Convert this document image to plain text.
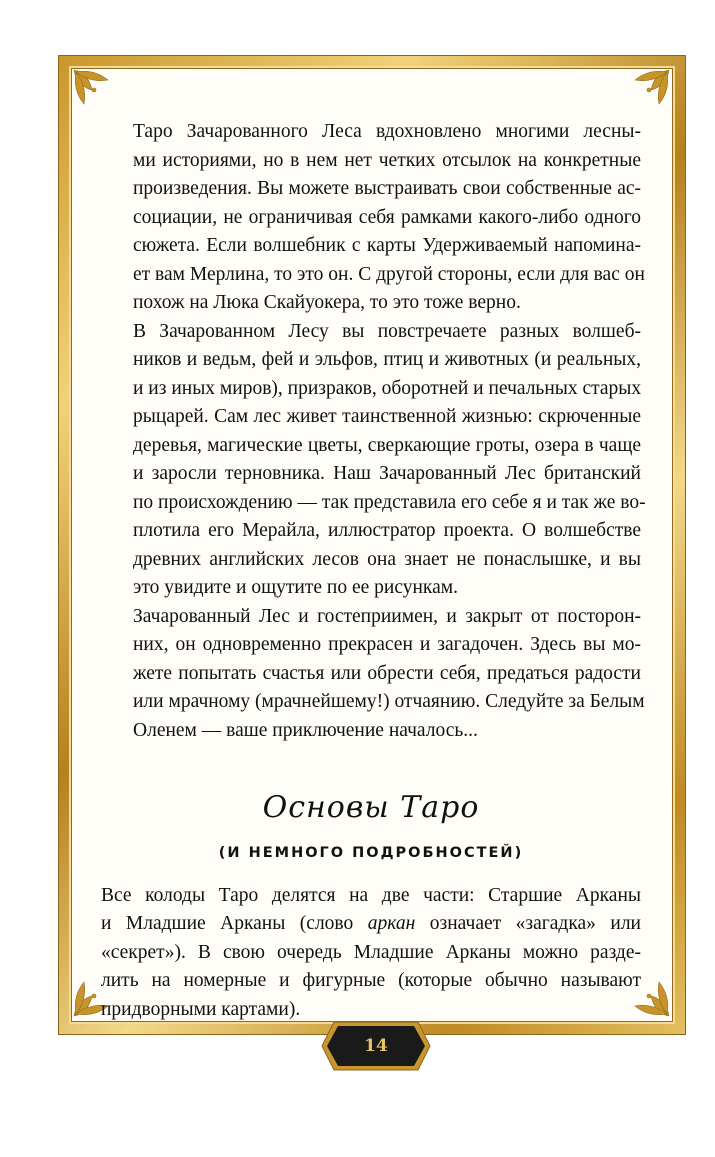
Таро Зачарованного Леса вдохновлено многими лесны-
ми историями, но в нем нет четких отсылок на конкретные
произведения. Вы можете выстраивать свои собственные ас-
социации, не ограничивая себя рамками какого-либо одного
сюжета. Если волшебник с карты Удерживаемый напомина-
ет вам Мерлина, то это он. С другой стороны, если для вас он
похож на Люка Скайуокера, то это тоже верно.

В Зачарованном Лесу вы повстречаете разных волшеб-
ников и ведьм, фей и эльфов, птиц и животных (и реальных,
и из иных миров), призраков, оборотней и печальных старых
рыцарей. Сам лес живет таинственной жизнью: скрюченные
деревья, магические цветы, сверкающие гроты, озера в чаще
и заросли терновника. Наш Зачарованный Лес британский
по происхождению — так представила его себе я и так же во-
плотила его Мерайла, иллюстратор проекта. О волшебстве
древних английских лесов она знает не понаслышке, и вы
это увидите и ощутите по ее рисункам.

Зачарованный Лес и гостеприимен, и закрыт от посторон-
них, он одновременно прекрасен и загадочен. Здесь вы мо-
жете попытать счастья или обрести себя, предаться радости
или мрачному (мрачнейшему!) отчаянию. Следуйте за Белым
Оленем — ваше приключение началось...

Основы Таро
(И НЕМНОГО ПОДРОБНОСТЕЙ)

Все колоды Таро делятся на две части: Старшие Арканы
и Младшие Арканы (слово аркан означает «загадка» или
«секрет»). В свою очередь Младшие Арканы можно разде-
лить на номерные и фигурные (которые обычно называют
придворными картами).

14
